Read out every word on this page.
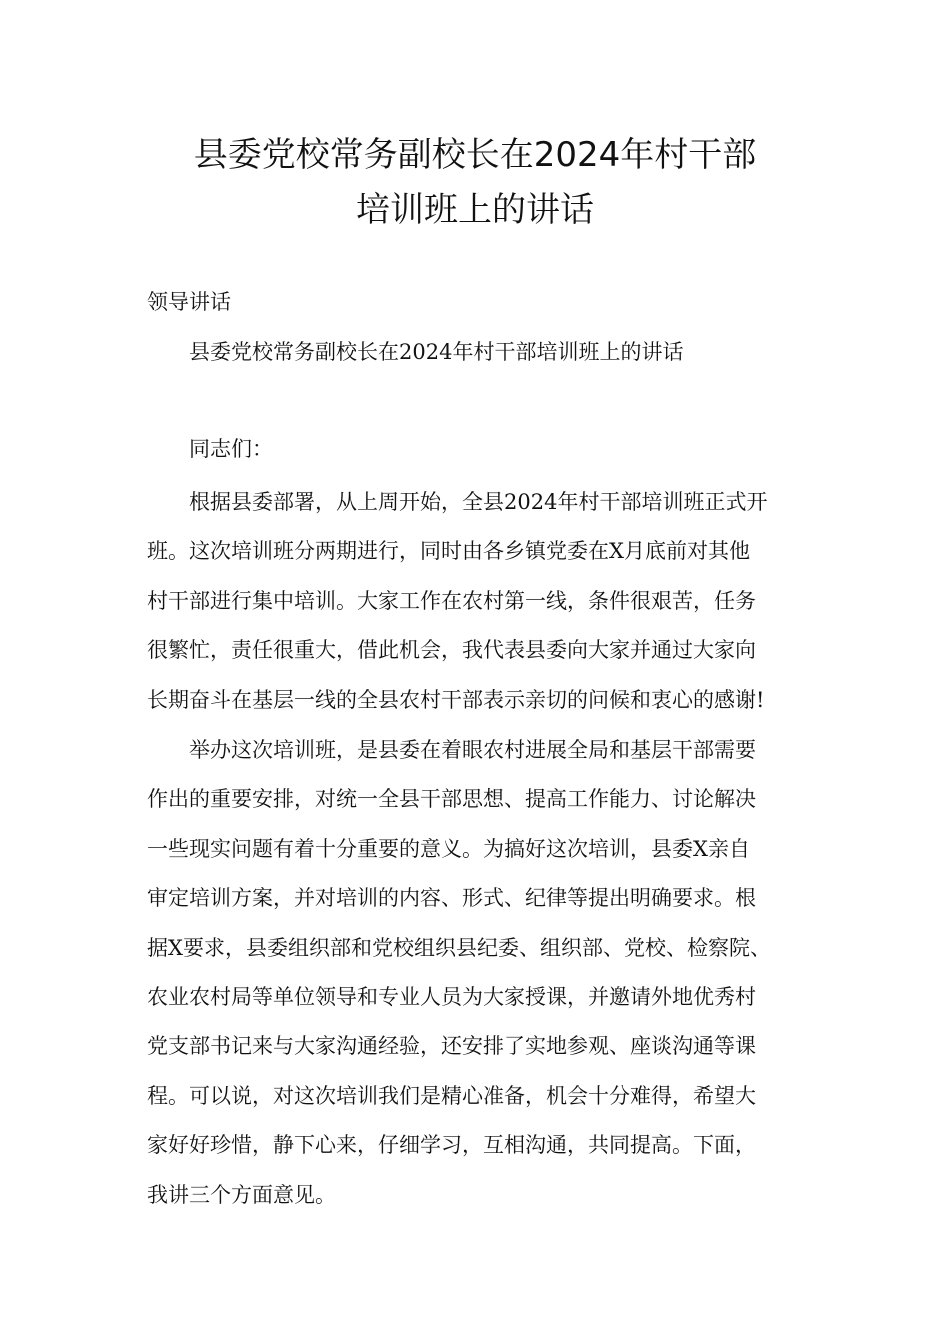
县委党校常务副校长在2024年村干部
培训班上的讲话
领导讲话
县委党校常务副校长在2024年村干部培训班上的讲话
同志们：
根据县委部署，从上周开始，全县2024年村干部培训班正式开
班。这次培训班分两期进行，同时由各乡镇党委在X月底前对其他
村干部进行集中培训。大家工作在农村第一线，条件很艰苦，任务
很繁忙，责任很重大，借此机会，我代表县委向大家并通过大家向
长期奋斗在基层一线的全县农村干部表示亲切的问候和衷心的感谢!
举办这次培训班，是县委在着眼农村进展全局和基层干部需要
作出的重要安排，对统一全县干部思想、提高工作能力、讨论解决
一些现实问题有着十分重要的意义。为搞好这次培训，县委X亲自
审定培训方案，并对培训的内容、形式、纪律等提出明确要求。根
据X要求，县委组织部和党校组织县纪委、组织部、党校、检察院、
农业农村局等单位领导和专业人员为大家授课，并邀请外地优秀村
党支部书记来与大家沟通经验，还安排了实地参观、座谈沟通等课
程。可以说，对这次培训我们是精心准备，机会十分难得，希望大
家好好珍惜，静下心来，仔细学习，互相沟通，共同提高。下面，
我讲三个方面意见。
